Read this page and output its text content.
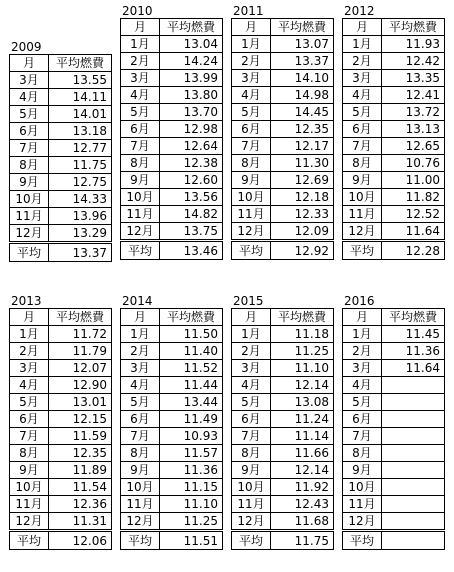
2009
月	平均燃費
3月	13.55
4月	14.11
5月	14.01
6月	13.18
7月	12.77
8月	11.75
9月	12.75
10月	14.33
11月	13.96
12月	13.29
平均	13.37
2010
月	平均燃費
1月	13.04
2月	14.24
3月	13.99
4月	13.80
5月	13.70
6月	12.98
7月	12.64
8月	12.38
9月	12.60
10月	13.56
11月	14.82
12月	13.75
平均	13.46
2011
月	平均燃費
1月	13.07
2月	13.37
3月	14.10
4月	14.98
5月	14.45
6月	12.35
7月	12.17
8月	11.30
9月	12.69
10月	12.18
11月	12.33
12月	12.09
平均	12.92
2012
月	平均燃費
1月	11.93
2月	12.42
3月	13.35
4月	12.41
5月	13.72
6月	13.13
7月	12.65
8月	10.76
9月	11.00
10月	11.82
11月	12.52
12月	11.64
平均	12.28
2013
月	平均燃費
1月	11.72
2月	11.79
3月	12.07
4月	12.90
5月	13.01
6月	12.15
7月	11.59
8月	12.35
9月	11.89
10月	11.54
11月	12.36
12月	11.31
平均	12.06
2014
月	平均燃費
1月	11.50
2月	11.40
3月	11.52
4月	11.44
5月	13.44
6月	11.49
7月	10.93
8月	11.57
9月	11.36
10月	11.15
11月	11.10
12月	11.25
平均	11.51
2015
月	平均燃費
1月	11.18
2月	11.25
3月	11.10
4月	12.14
5月	13.08
6月	11.24
7月	11.14
8月	11.66
9月	12.14
10月	11.92
11月	12.43
12月	11.68
平均	11.75
2016
月	平均燃費
1月	11.45
2月	11.36
3月	11.64
4月	
5月	
6月	
7月	
8月	
9月	
10月	
11月	
12月	
平均	
